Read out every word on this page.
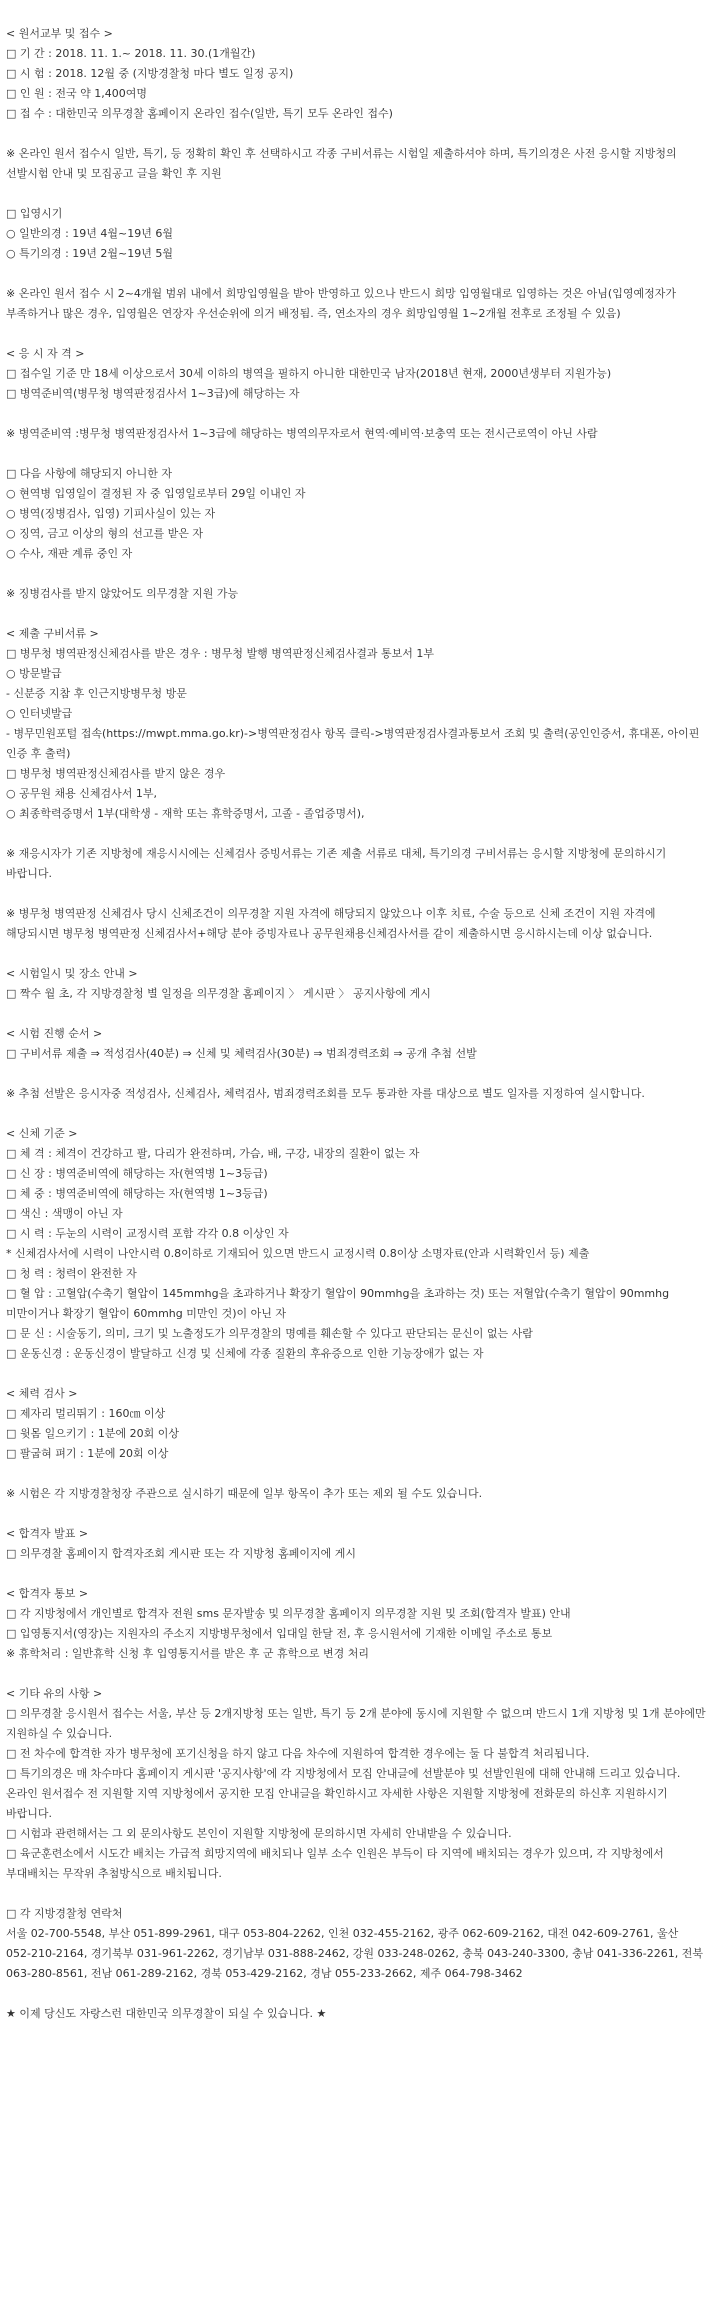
< 원서교부 및 접수 >
□ 기 간 : 2018. 11. 1.~ 2018. 11. 30.(1개월간)
□ 시 험 : 2018. 12월 중 (지방경찰청 마다 별도 일정 공지)
□ 인 원 : 전국 약 1,400여명
□ 접 수 : 대한민국 의무경찰 홈페이지 온라인 접수(일반, 특기 모두 온라인 접수)
※ 온라인 원서 접수시 일반, 특기, 등 정확히 확인 후 선택하시고 각종 구비서류는 시험일 제출하셔야 하며, 특기의경은 사전 응시할 지방청의 선발시험 안내 및 모집공고 글을 확인 후 지원
□ 입영시기
○ 일반의경 : 19년 4월~19년 6월
○ 특기의경 : 19년 2월~19년 5월
※ 온라인 원서 접수 시 2~4개월 범위 내에서 희망입영월을 받아 반영하고 있으나 반드시 희망 입영월대로 입영하는 것은 아님(입영예정자가 부족하거나 많은 경우, 입영월은 연장자 우선순위에 의거 배정됨. 즉, 연소자의 경우 희망입영월 1~2개월 전후로 조정될 수 있음)
< 응 시 자 격 >
□ 접수일 기준 만 18세 이상으로서 30세 이하의 병역을 필하지 아니한 대한민국 남자(2018년 현재, 2000년생부터 지원가능)
□ 병역준비역(병무청 병역판정검사서 1~3급)에 해당하는 자
※ 병역준비역 :병무청 병역판정검사서 1~3급에 해당하는 병역의무자로서 현역·예비역·보충역 또는 전시근로역이 아닌 사람
□ 다음 사항에 해당되지 아니한 자
○ 현역병 입영일이 결정된 자 중 입영일로부터 29일 이내인 자
○ 병역(징병검사, 입영) 기피사실이 있는 자
○ 징역, 금고 이상의 형의 선고를 받은 자
○ 수사, 재판 계류 중인 자
※ 징병검사를 받지 않았어도 의무경찰 지원 가능
< 제출 구비서류 >
□ 병무청 병역판정신체검사를 받은 경우 : 병무청 발행 병역판정신체검사결과 통보서 1부
○ 방문발급
- 신분증 지참 후 인근지방병무청 방문
○ 인터넷발급
- 병무민원포털 접속(https://mwpt.mma.go.kr)->병역판정검사 항목 클릭->병역판정검사결과통보서 조회 및 출력(공인인증서, 휴대폰, 아이핀 인증 후 출력)
□ 병무청 병역판정신체검사를 받지 않은 경우
○ 공무원 채용 신체검사서 1부,
○ 최종학력증명서 1부(대학생 - 재학 또는 휴학증명서, 고졸 - 졸업증명서),
※ 재응시자가 기존 지방청에 재응시시에는 신체검사 증빙서류는 기존 제출 서류로 대체, 특기의경 구비서류는 응시할 지방청에 문의하시기 바랍니다.
※ 병무청 병역판정 신체검사 당시 신체조건이 의무경찰 지원 자격에 해당되지 않았으나 이후 치료, 수술 등으로 신체 조건이 지원 자격에 해당되시면 병무청 병역판정 신체검사서+해당 분야 증빙자료나 공무원채용신체검사서를 같이 제출하시면 응시하시는데 이상 없습니다.
< 시험일시 및 장소 안내 >
□ 짝수 월 초, 각 지방경찰청 별 일정을 의무경찰 홈페이지 〉 게시판 〉 공지사항에 게시
< 시험 진행 순서 >
□ 구비서류 제출 ⇒ 적성검사(40분) ⇒ 신체 및 체력검사(30분) ⇒ 범죄경력조회 ⇒ 공개 추첨 선발
※ 추첨 선발은 응시자중 적성검사, 신체검사, 체력검사, 범죄경력조회를 모두 통과한 자를 대상으로 별도 일자를 지정하여 실시합니다.
< 신체 기준 >
□ 체 격 : 체격이 건강하고 팔, 다리가 완전하며, 가슴, 배, 구강, 내장의 질환이 없는 자
□ 신 장 : 병역준비역에 해당하는 자(현역병 1~3등급)
□ 체 중 : 병역준비역에 해당하는 자(현역병 1~3등급)
□ 색신 : 색맹이 아닌 자
□ 시 력 : 두눈의 시력이 교정시력 포함 각각 0.8 이상인 자
* 신체검사서에 시력이 나안시력 0.8이하로 기재되어 있으면 반드시 교정시력 0.8이상 소명자료(안과 시력확인서 등) 제출
□ 청 력 : 청력이 완전한 자
□ 혈 압 : 고혈압(수축기 혈압이 145mmhg을 초과하거나 확장기 혈압이 90mmhg을 초과하는 것) 또는 저혈압(수축기 혈압이 90mmhg 미만이거나 확장기 혈압이 60mmhg 미만인 것)이 아닌 자
□ 문 신 : 시술동기, 의미, 크기 및 노출정도가 의무경찰의 명예를 훼손할 수 있다고 판단되는 문신이 없는 사람
□ 운동신경 : 운동신경이 발달하고 신경 및 신체에 각종 질환의 후유증으로 인한 기능장애가 없는 자
< 체력 검사 >
□ 제자리 멀리뛰기 : 160㎝ 이상
□ 윗몸 일으키기 : 1분에 20회 이상
□ 팔굽혀 펴기 : 1분에 20회 이상
※ 시험은 각 지방경찰청장 주관으로 실시하기 때문에 일부 항목이 추가 또는 제외 될 수도 있습니다.
< 합격자 발표 >
□ 의무경찰 홈페이지 합격자조회 게시판 또는 각 지방청 홈페이지에 게시
< 합격자 통보 >
□ 각 지방청에서 개인별로 합격자 전원 sms 문자발송 및 의무경찰 홈페이지 의무경찰 지원 및 조회(합격자 발표) 안내
□ 입영통지서(영장)는 지원자의 주소지 지방병무청에서 입대일 한달 전, 후 응시원서에 기재한 이메일 주소로 통보
※ 휴학처리 : 일반휴학 신청 후 입영통지서를 받은 후 군 휴학으로 변경 처리
< 기타 유의 사항 >
□ 의무경찰 응시원서 접수는 서울, 부산 등 2개지방청 또는 일반, 특기 등 2개 분야에 동시에 지원할 수 없으며 반드시 1개 지방청 및 1개 분야에만 지원하실 수 있습니다.
□ 전 차수에 합격한 자가 병무청에 포기신청을 하지 않고 다음 차수에 지원하여 합격한 경우에는 둘 다 불합격 처리됩니다.
□ 특기의경은 매 차수마다 홈페이지 게시판 '공지사항'에 각 지방청에서 모집 안내글에 선발분야 및 선발인원에 대해 안내해 드리고 있습니다. 온라인 원서접수 전 지원할 지역 지방청에서 공지한 모집 안내글을 확인하시고 자세한 사항은 지원할 지방청에 전화문의 하신후 지원하시기 바랍니다.
□ 시험과 관련해서는 그 외 문의사항도 본인이 지원할 지방청에 문의하시면 자세히 안내받을 수 있습니다.
□ 육군훈련소에서 시도간 배치는 가급적 희망지역에 배치되나 일부 소수 인원은 부득이 타 지역에 배치되는 경우가 있으며, 각 지방청에서 부대배치는 무작위 추첨방식으로 배치됩니다.
□ 각 지방경찰청 연락처
서울 02-700-5548, 부산 051-899-2961, 대구 053-804-2262, 인천 032-455-2162, 광주 062-609-2162, 대전 042-609-2761, 울산 052-210-2164, 경기북부 031-961-2262, 경기남부 031-888-2462, 강원 033-248-0262, 충북 043-240-3300, 충남 041-336-2261, 전북 063-280-8561, 전남 061-289-2162, 경북 053-429-2162, 경남 055-233-2662, 제주 064-798-3462
★ 이제 당신도 자랑스런 대한민국 의무경찰이 되실 수 있습니다. ★
